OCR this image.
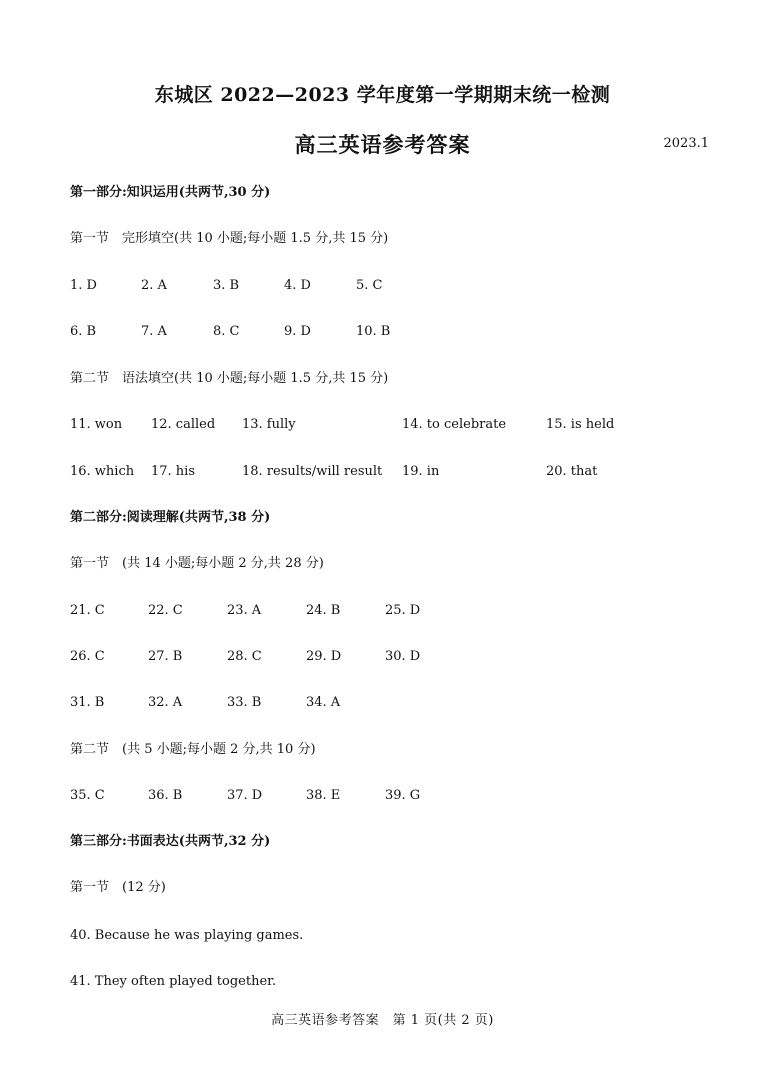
东城区 2022—2023 学年度第一学期期末统一检测
高三英语参考答案	2023.1
第一部分:知识运用(共两节,30 分)
第一节　完形填空(共 10 小题;每小题 1.5 分,共 15 分)
1. D	2. A	3. B	4. D	5. C
6. B	7. A	8. C	9. D	10. B
第二节　语法填空(共 10 小题;每小题 1.5 分,共 15 分)
11. won 12. called 13. fully	14. to celebrate	15. is held
16. which 17. his	18. results/will result 19. in	20. that
第二部分:阅读理解(共两节,38 分)
第一节　(共 14 小题;每小题 2 分,共 28 分)
21. C	22. C	23. A	24. B	25. D
26. C	27. B	28. C	29. D	30. D
31. B	32. A	33. B	34. A
第二节　(共 5 小题;每小题 2 分,共 10 分)
35. C	36. B	37. D	38. E	39. G
第三部分:书面表达(共两节,32 分)
第一节　(12 分)
40. Because he was playing games.
41. They often played together.
高三英语参考答案　第 1 页(共 2 页)
